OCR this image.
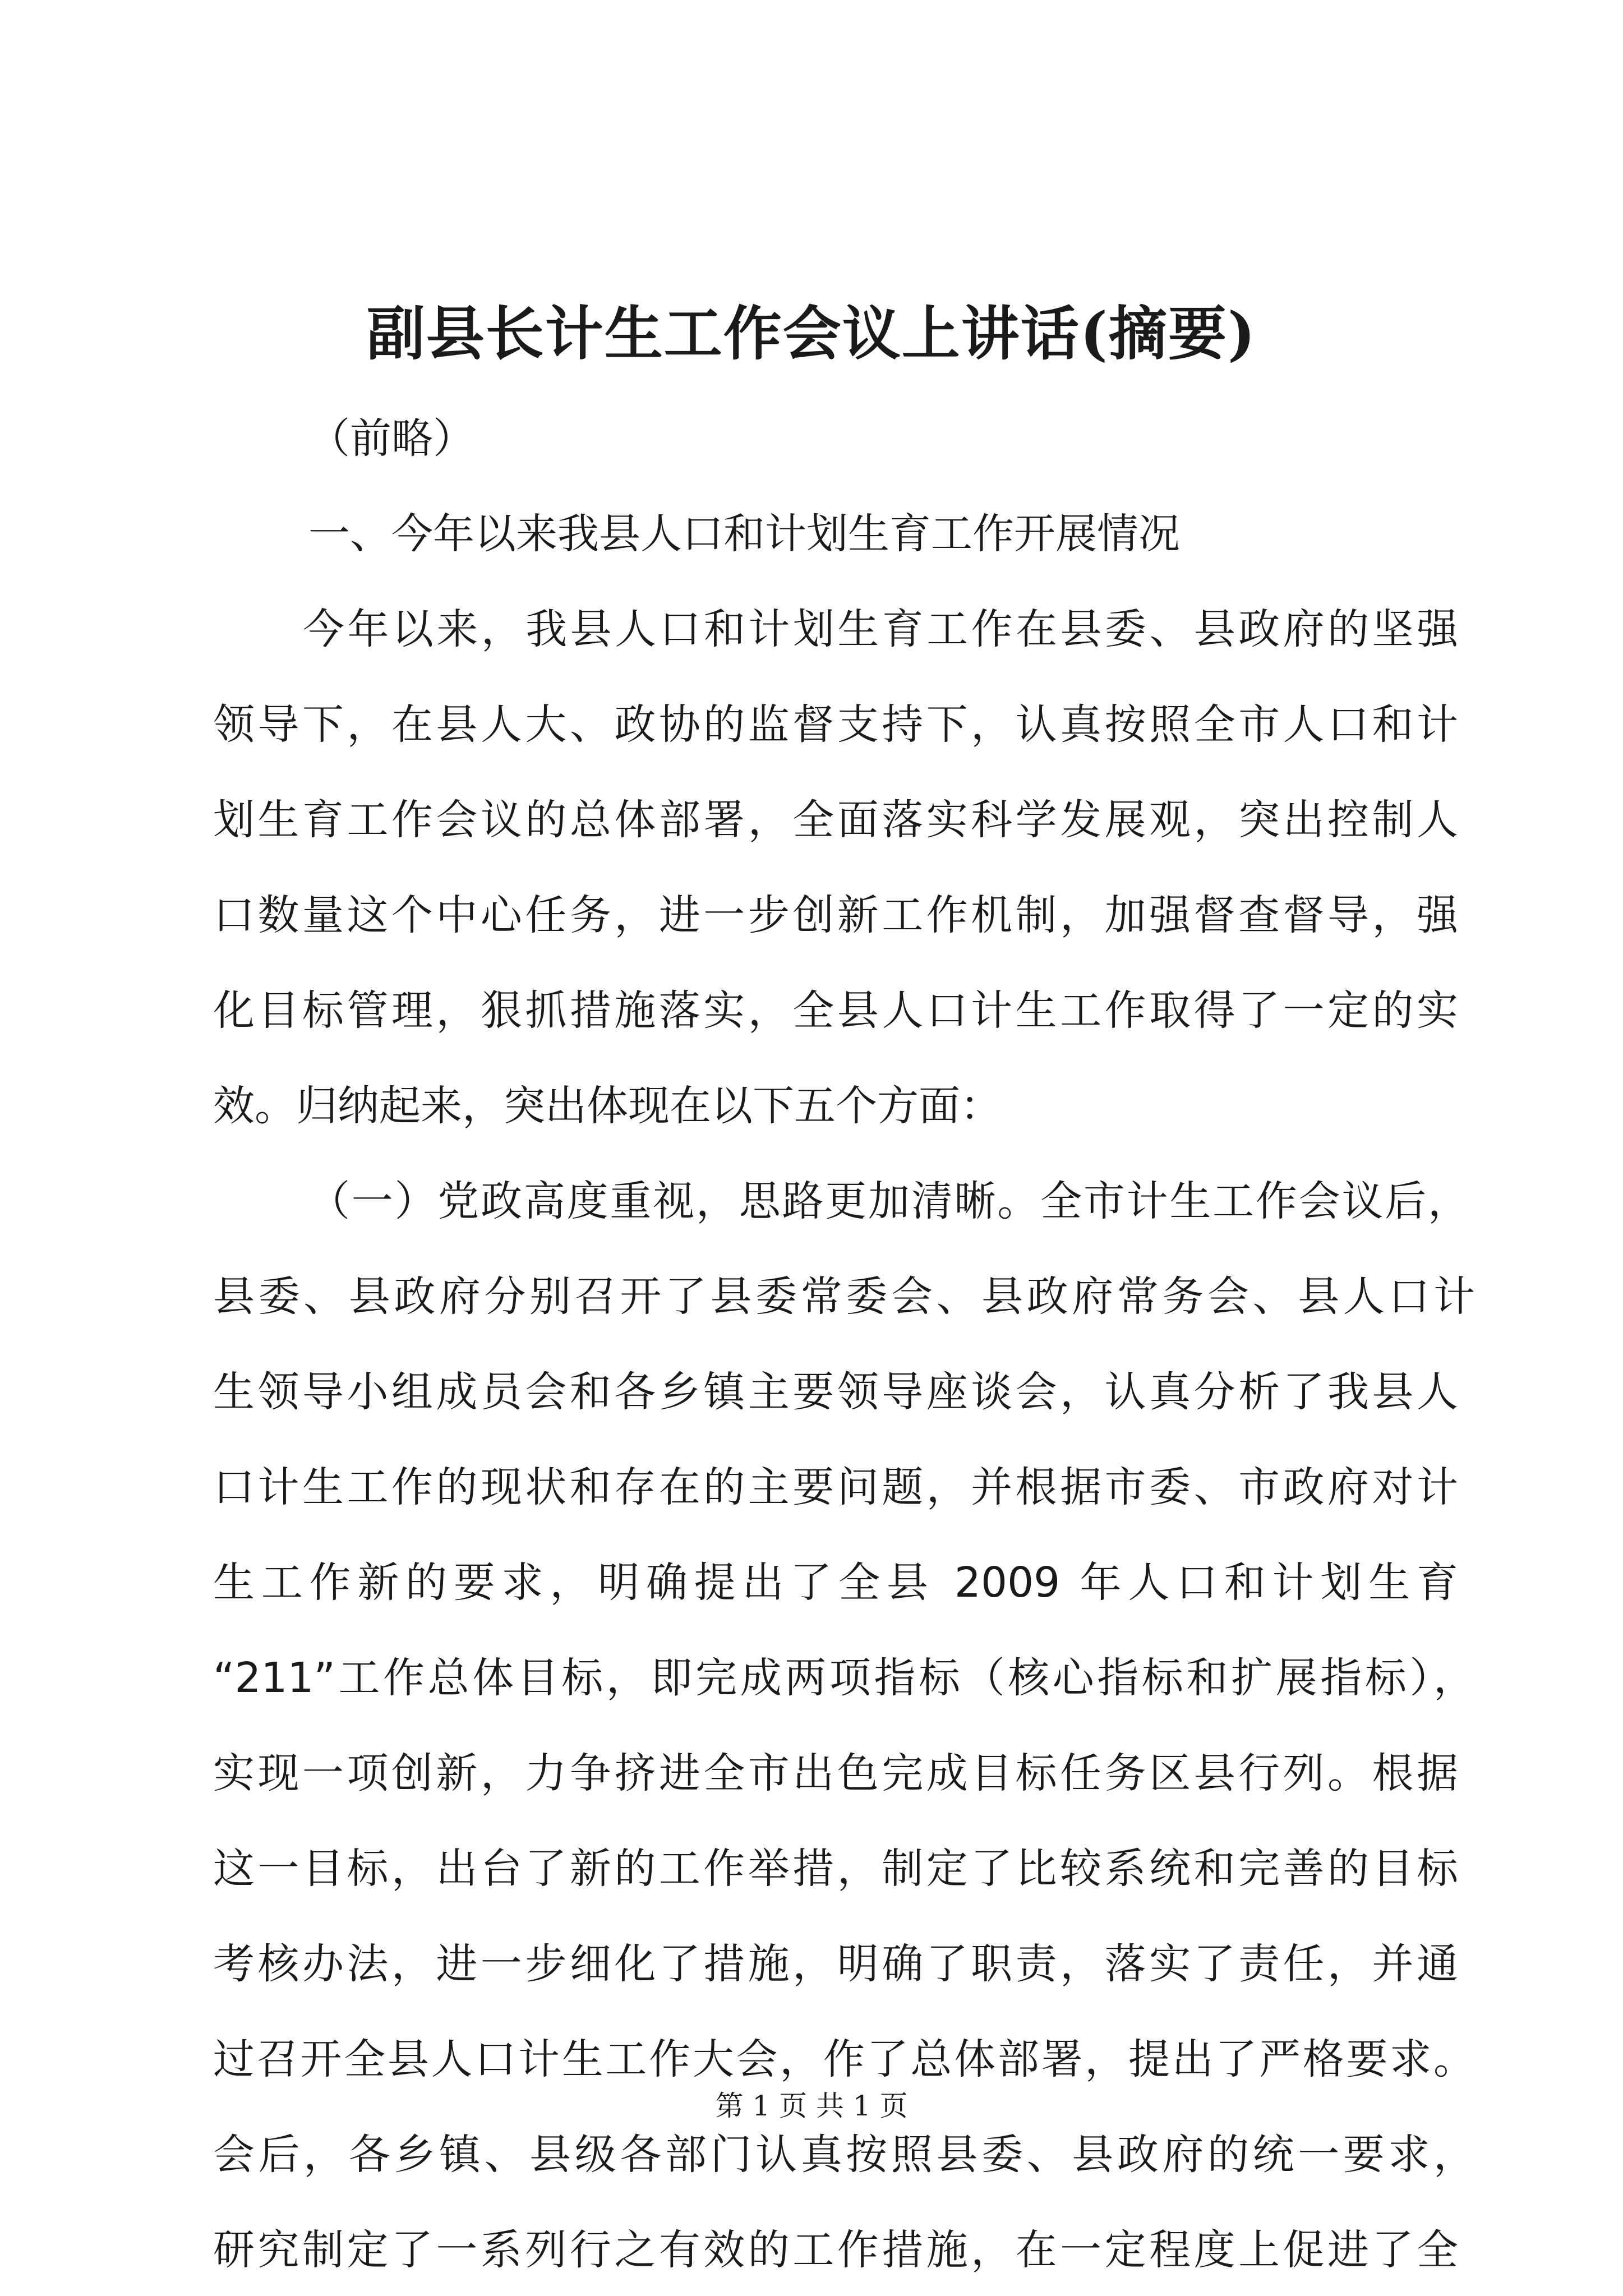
副县长计生工作会议上讲话(摘要)
（前略）
一、今年以来我县人口和计划生育工作开展情况
今年以来，我县人口和计划生育工作在县委、县政府的坚强
领导下，在县人大、政协的监督支持下，认真按照全市人口和计
划生育工作会议的总体部署，全面落实科学发展观，突出控制人
口数量这个中心任务，进一步创新工作机制，加强督查督导，强
化目标管理，狠抓措施落实，全县人口计生工作取得了一定的实
效。归纳起来，突出体现在以下五个方面：
（一）党政高度重视，思路更加清晰。全市计生工作会议后，
县委、县政府分别召开了县委常委会、县政府常务会、县人口计
生领导小组成员会和各乡镇主要领导座谈会，认真分析了我县人
口计生工作的现状和存在的主要问题，并根据市委、市政府对计
生工作新的要求，明确提出了全县 2009 年人口和计划生育
“211”工作总体目标，即完成两项指标（核心指标和扩展指标），
实现一项创新，力争挤进全市出色完成目标任务区县行列。根据
这一目标，出台了新的工作举措，制定了比较系统和完善的目标
考核办法，进一步细化了措施，明确了职责，落实了责任，并通
过召开全县人口计生工作大会，作了总体部署，提出了严格要求。
会后，各乡镇、县级各部门认真按照县委、县政府的统一要求，
研究制定了一系列行之有效的工作措施，在一定程度上促进了全
第 1 页 共 1 页
